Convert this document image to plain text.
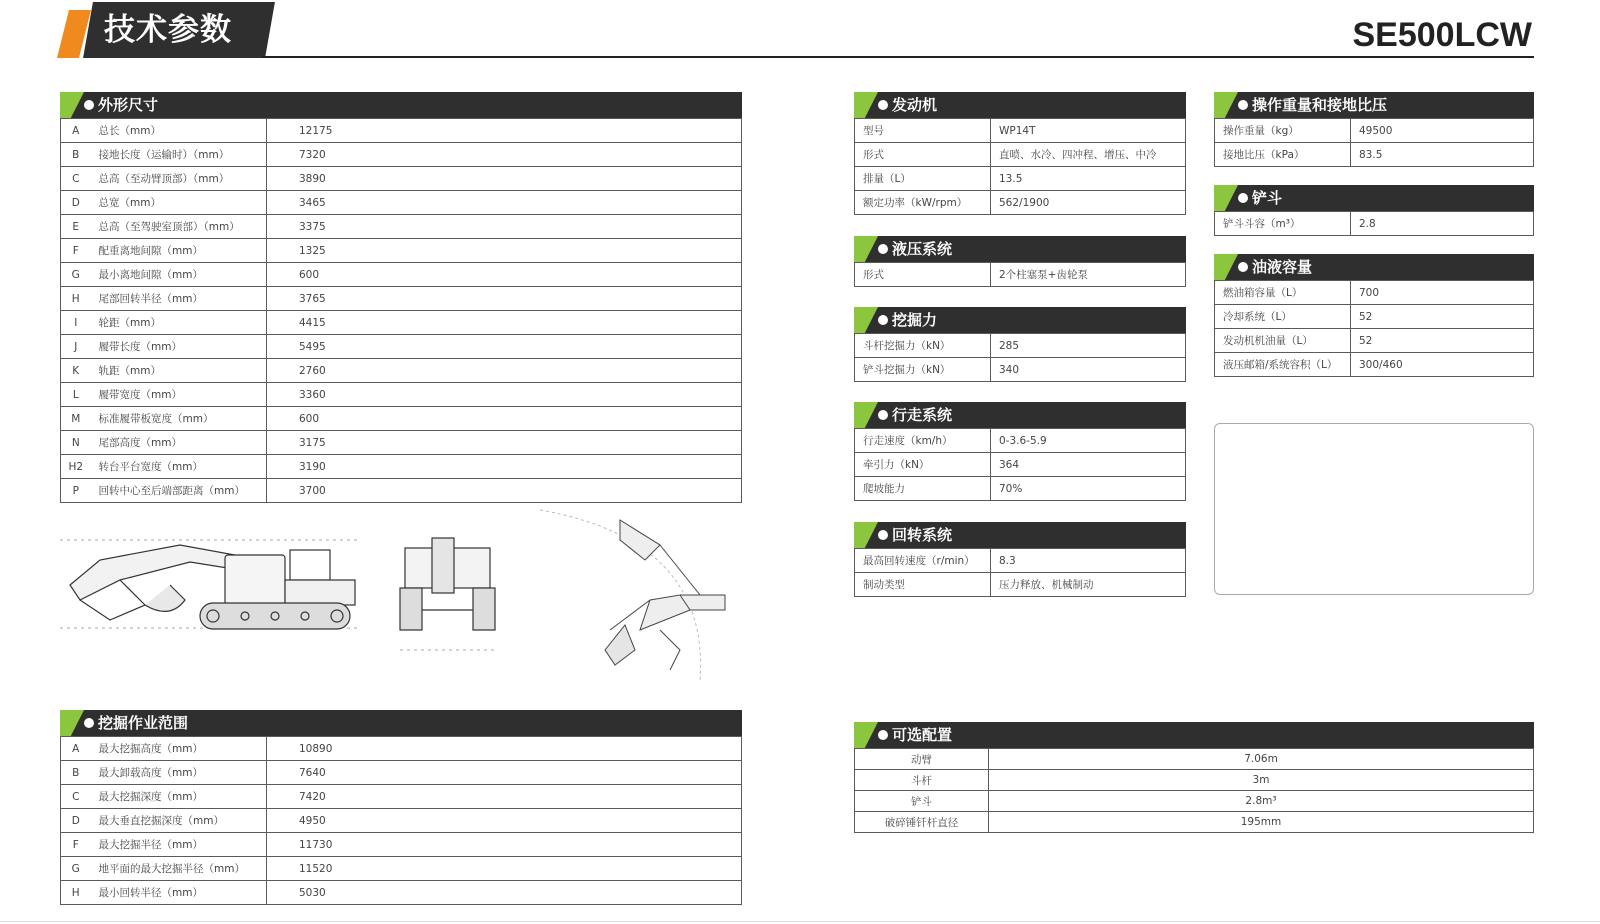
技术参数	SE500LCW
外形尺寸
A	总长（mm）	12175
B	接地长度（运输时）（mm）	7320
C	总高（至动臂顶部）（mm）	3890
D	总宽（mm）	3465
E	总高（至驾驶室顶部）（mm）	3375
F	配重离地间隙（mm）	1325
G	最小离地间隙（mm）	600
H	尾部回转半径（mm）	3765
I	轮距（mm）	4415
J	履带长度（mm）	5495
K	轨距（mm）	2760
L	履带宽度（mm）	3360
M	标准履带板宽度（mm）	600
N	尾部高度（mm）	3175
H2	转台平台宽度（mm）	3190
P	回转中心至后端部距离（mm）	3700
挖掘作业范围
A	最大挖掘高度（mm）	10890
B	最大卸载高度（mm）	7640
C	最大挖掘深度（mm）	7420
D	最大垂直挖掘深度（mm）	4950
F	最大挖掘半径（mm）	11730
G	地平面的最大挖掘半径（mm）	11520
H	最小回转半径（mm）	5030
发动机
型号	WP14T
形式	直喷、水冷、四冲程、增压、中冷
排量（L）	13.5
额定功率（kW/rpm）	562/1900
液压系统
形式	2个柱塞泵+齿轮泵
挖掘力
斗杆挖掘力（kN）	285
铲斗挖掘力（kN）	340
行走系统
行走速度（km/h）	0-3.6-5.9
牵引力（kN）	364
爬坡能力	70%
回转系统
最高回转速度（r/min）	8.3
制动类型	压力释放、机械制动
操作重量和接地比压
操作重量（kg）	49500
接地比压（kPa）	83.5
铲斗
铲斗斗容（m³）	2.8
油液容量
燃油箱容量（L）	700
冷却系统（L）	52
发动机机油量（L）	52
液压邮箱/系统容积（L）	300/460
可选配置
动臂	7.06m
斗杆	3m
铲斗	2.8m³
破碎锤钎杆直径	195mm
